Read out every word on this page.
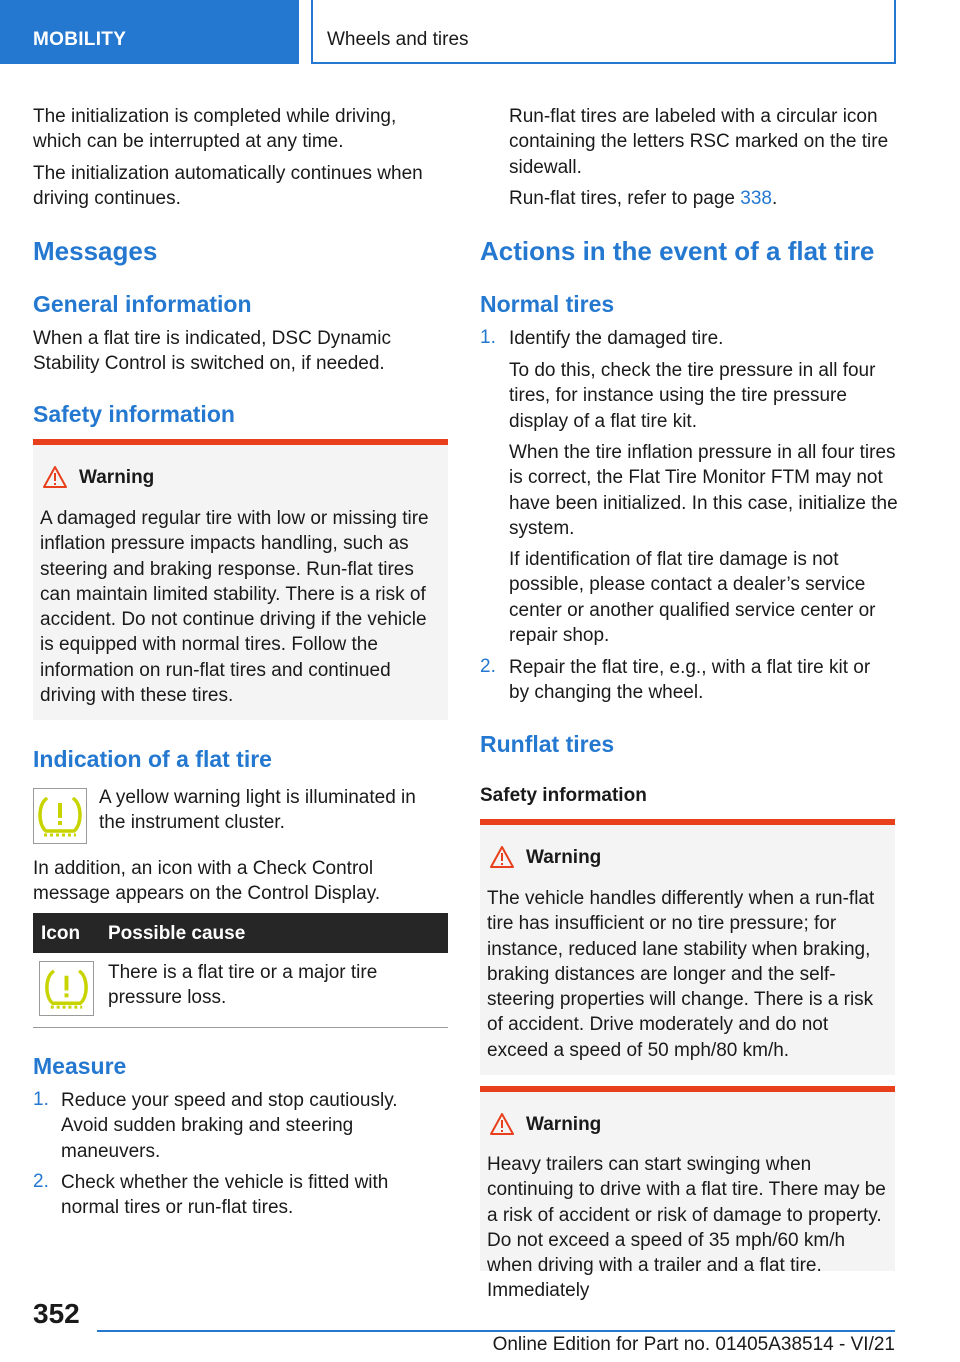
MOBILITY	Wheels and tires
The initialization is completed while driving, which can be interrupted at any time.
The initialization automatically continues when driving continues.
Messages
General information
When a flat tire is indicated, DSC Dynamic Stability Control is switched on, if needed.
Safety information
Warning
A damaged regular tire with low or missing tire inflation pressure impacts handling, such as steering and braking response. Run-flat tires can maintain limited stability. There is a risk of accident. Do not continue driving if the vehicle is equipped with normal tires. Follow the information on run-flat tires and continued driving with these tires.
Indication of a flat tire
A yellow warning light is illuminated in the instrument cluster.
In addition, an icon with a Check Control message appears on the Control Display.
Icon Possible cause
There is a flat tire or a major tire pressure loss.
Measure
1. Reduce your speed and stop cautiously. Avoid sudden braking and steering maneuvers.
2. Check whether the vehicle is fitted with normal tires or run-flat tires.
Run-flat tires are labeled with a circular icon containing the letters RSC marked on the tire sidewall.
Run-flat tires, refer to page 338.
Actions in the event of a flat tire
Normal tires
1. Identify the damaged tire.
To do this, check the tire pressure in all four tires, for instance using the tire pressure display of a flat tire kit.
When the tire inflation pressure in all four tires is correct, the Flat Tire Monitor FTM may not have been initialized. In this case, initialize the system.
If identification of flat tire damage is not possible, please contact a dealer’s service center or another qualified service center or repair shop.
2. Repair the flat tire, e.g., with a flat tire kit or by changing the wheel.
Runflat tires
Safety information
Warning
The vehicle handles differently when a run-flat tire has insufficient or no tire pressure; for instance, reduced lane stability when braking, braking distances are longer and the self-steering properties will change. There is a risk of accident. Drive moderately and do not exceed a speed of 50 mph/80 km/h.
Warning
Heavy trailers can start swinging when continuing to drive with a flat tire. There may be a risk of accident or risk of damage to property. Do not exceed a speed of 35 mph/60 km/h when driving with a trailer and a flat tire. Immediately
352
Online Edition for Part no. 01405A38514 - VI/21
